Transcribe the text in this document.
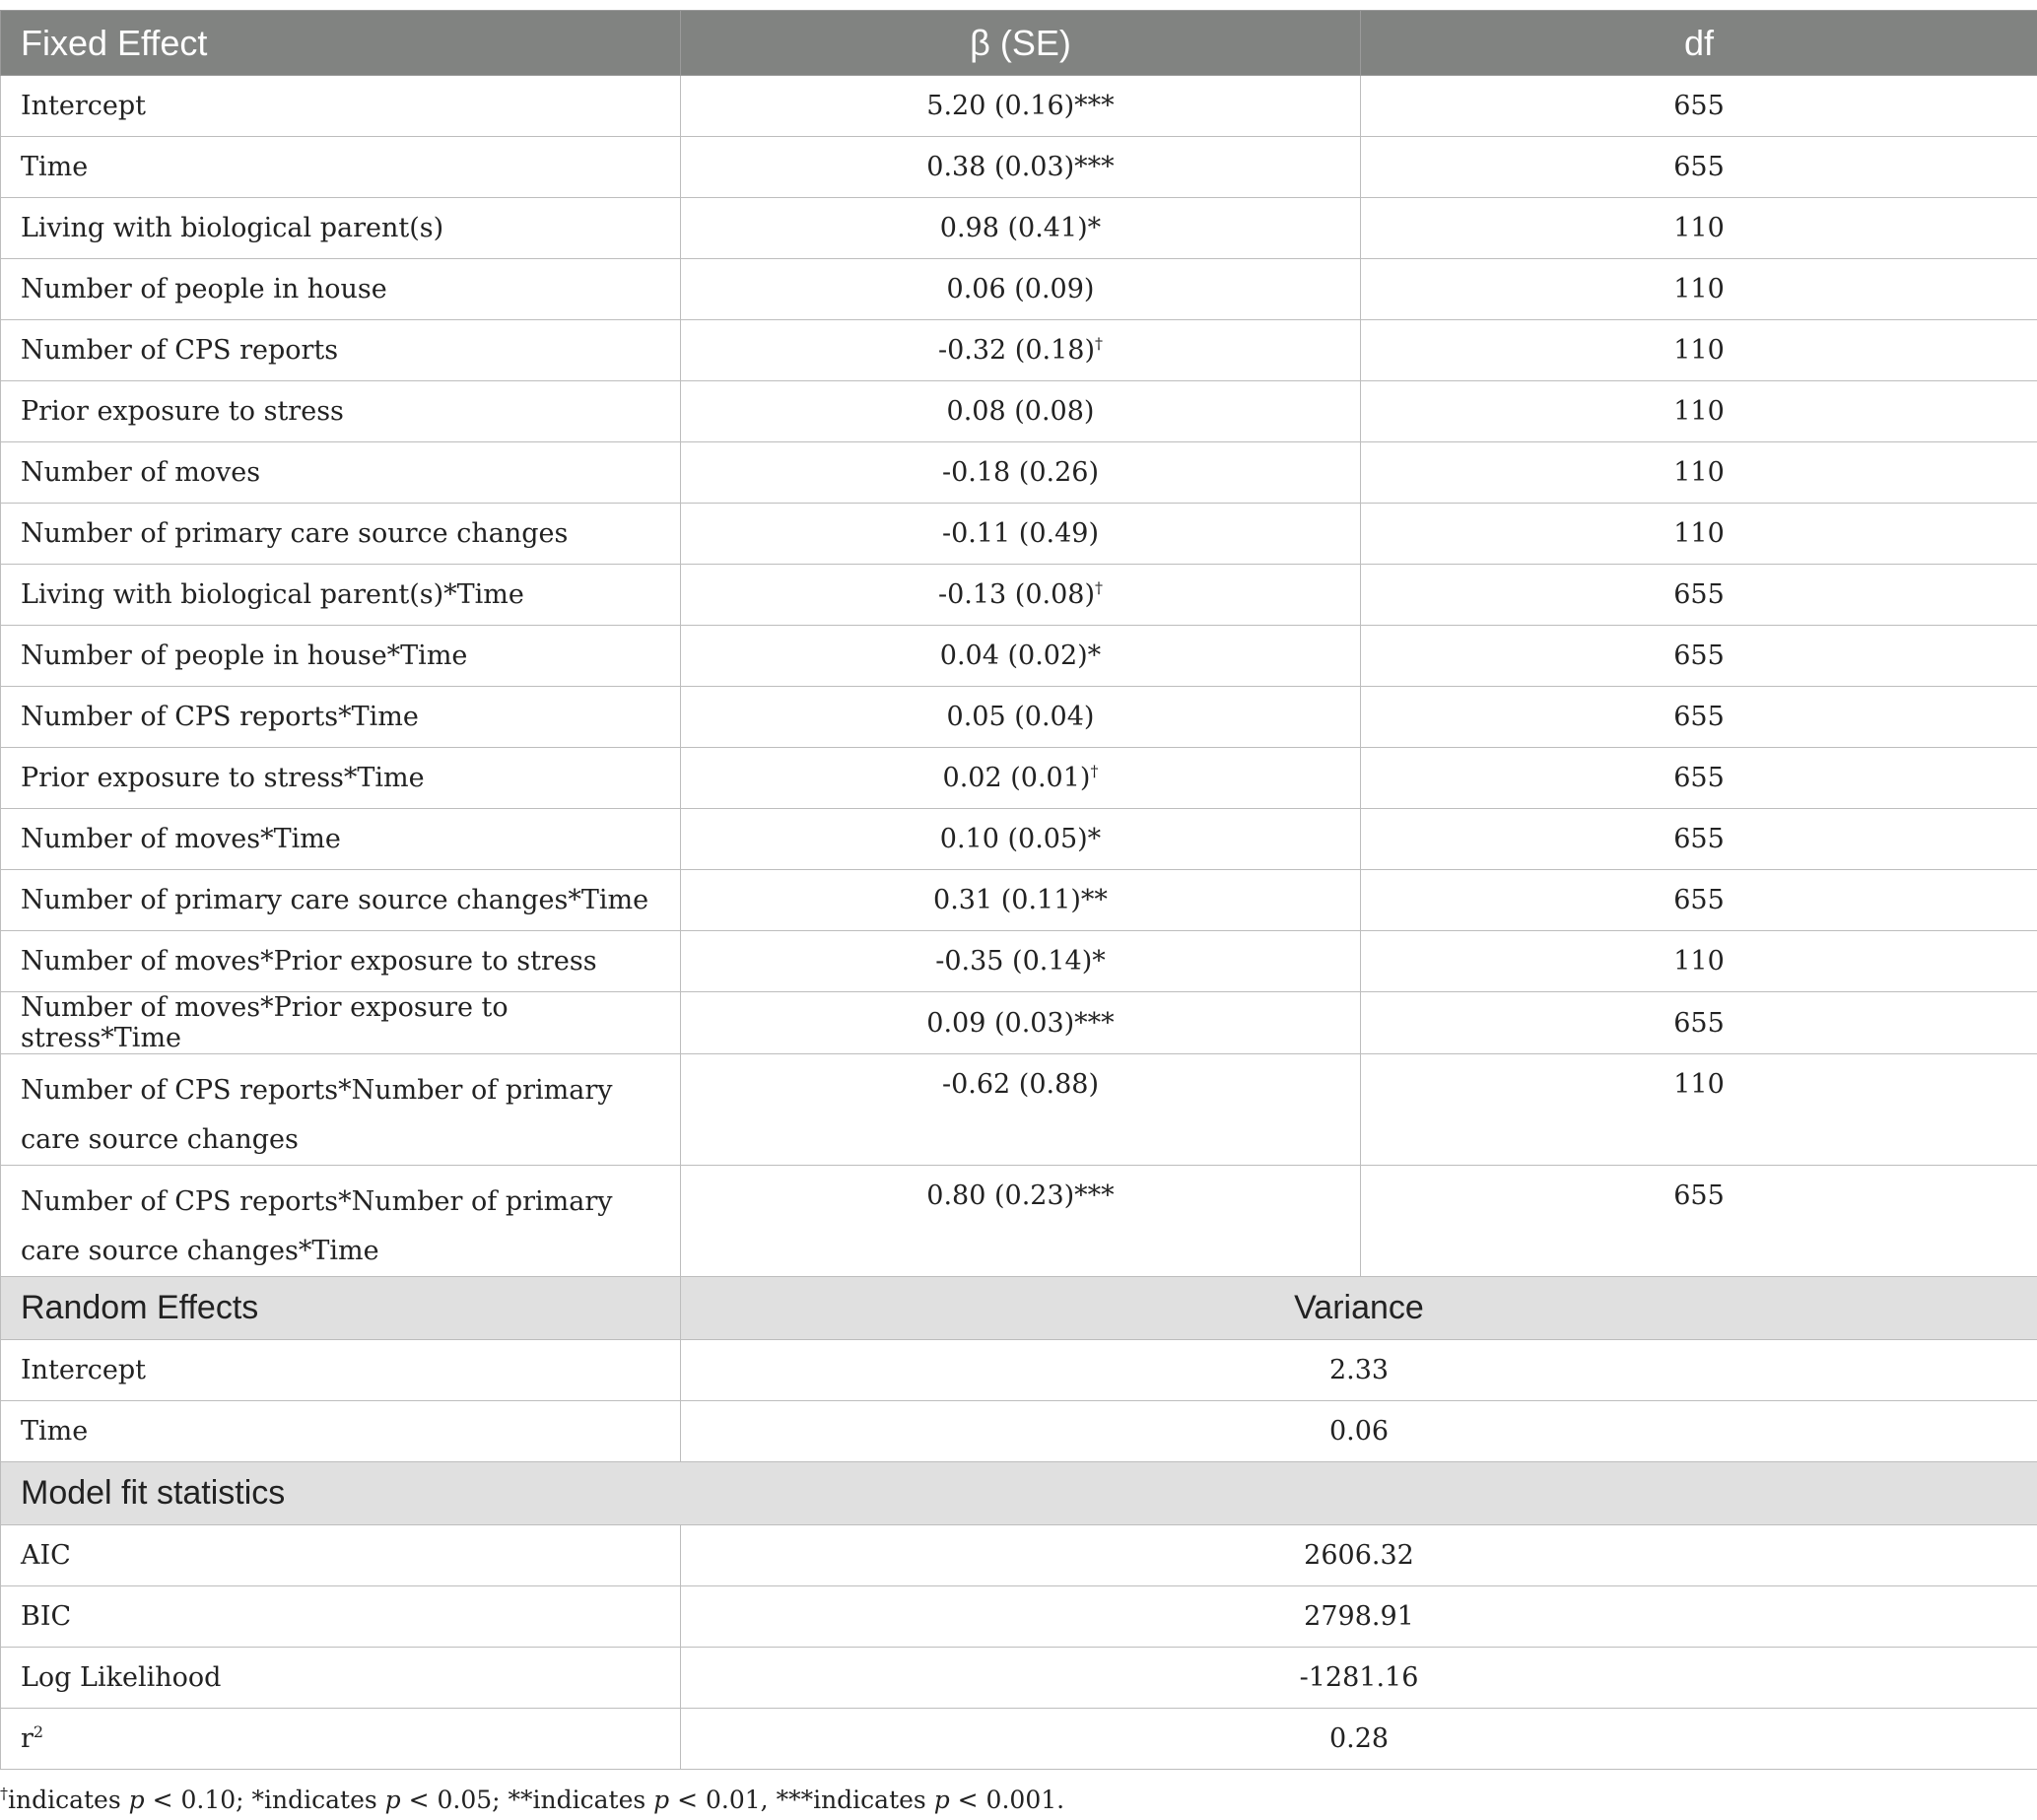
Fixed Effect	β (SE)	df
Intercept	5.20 (0.16)***	655
Time	0.38 (0.03)***	655
Living with biological parent(s)	0.98 (0.41)*	110
Number of people in house	0.06 (0.09)	110
Number of CPS reports	-0.32 (0.18)†	110
Prior exposure to stress	0.08 (0.08)	110
Number of moves	-0.18 (0.26)	110
Number of primary care source changes	-0.11 (0.49)	110
Living with biological parent(s)*Time	-0.13 (0.08)†	655
Number of people in house*Time	0.04 (0.02)*	655
Number of CPS reports*Time	0.05 (0.04)	655
Prior exposure to stress*Time	0.02 (0.01)†	655
Number of moves*Time	0.10 (0.05)*	655
Number of primary care source changes*Time	0.31 (0.11)**	655
Number of moves*Prior exposure to stress	-0.35 (0.14)*	110
Number of moves*Prior exposure to stress*Time	0.09 (0.03)***	655
Number of CPS reports*Number of primary care source changes	-0.62 (0.88)	110
Number of CPS reports*Number of primary care source changes*Time	0.80 (0.23)***	655
Random Effects	Variance	
Intercept	2.33	
Time	0.06	
Model fit statistics		
AIC	2606.32	
BIC	2798.91	
Log Likelihood	-1281.16	
$r^2$	0.28	
†indicates p < 0.10; *indicates p < 0.05; **indicates p < 0.01, ***indicates p < 0.001.
